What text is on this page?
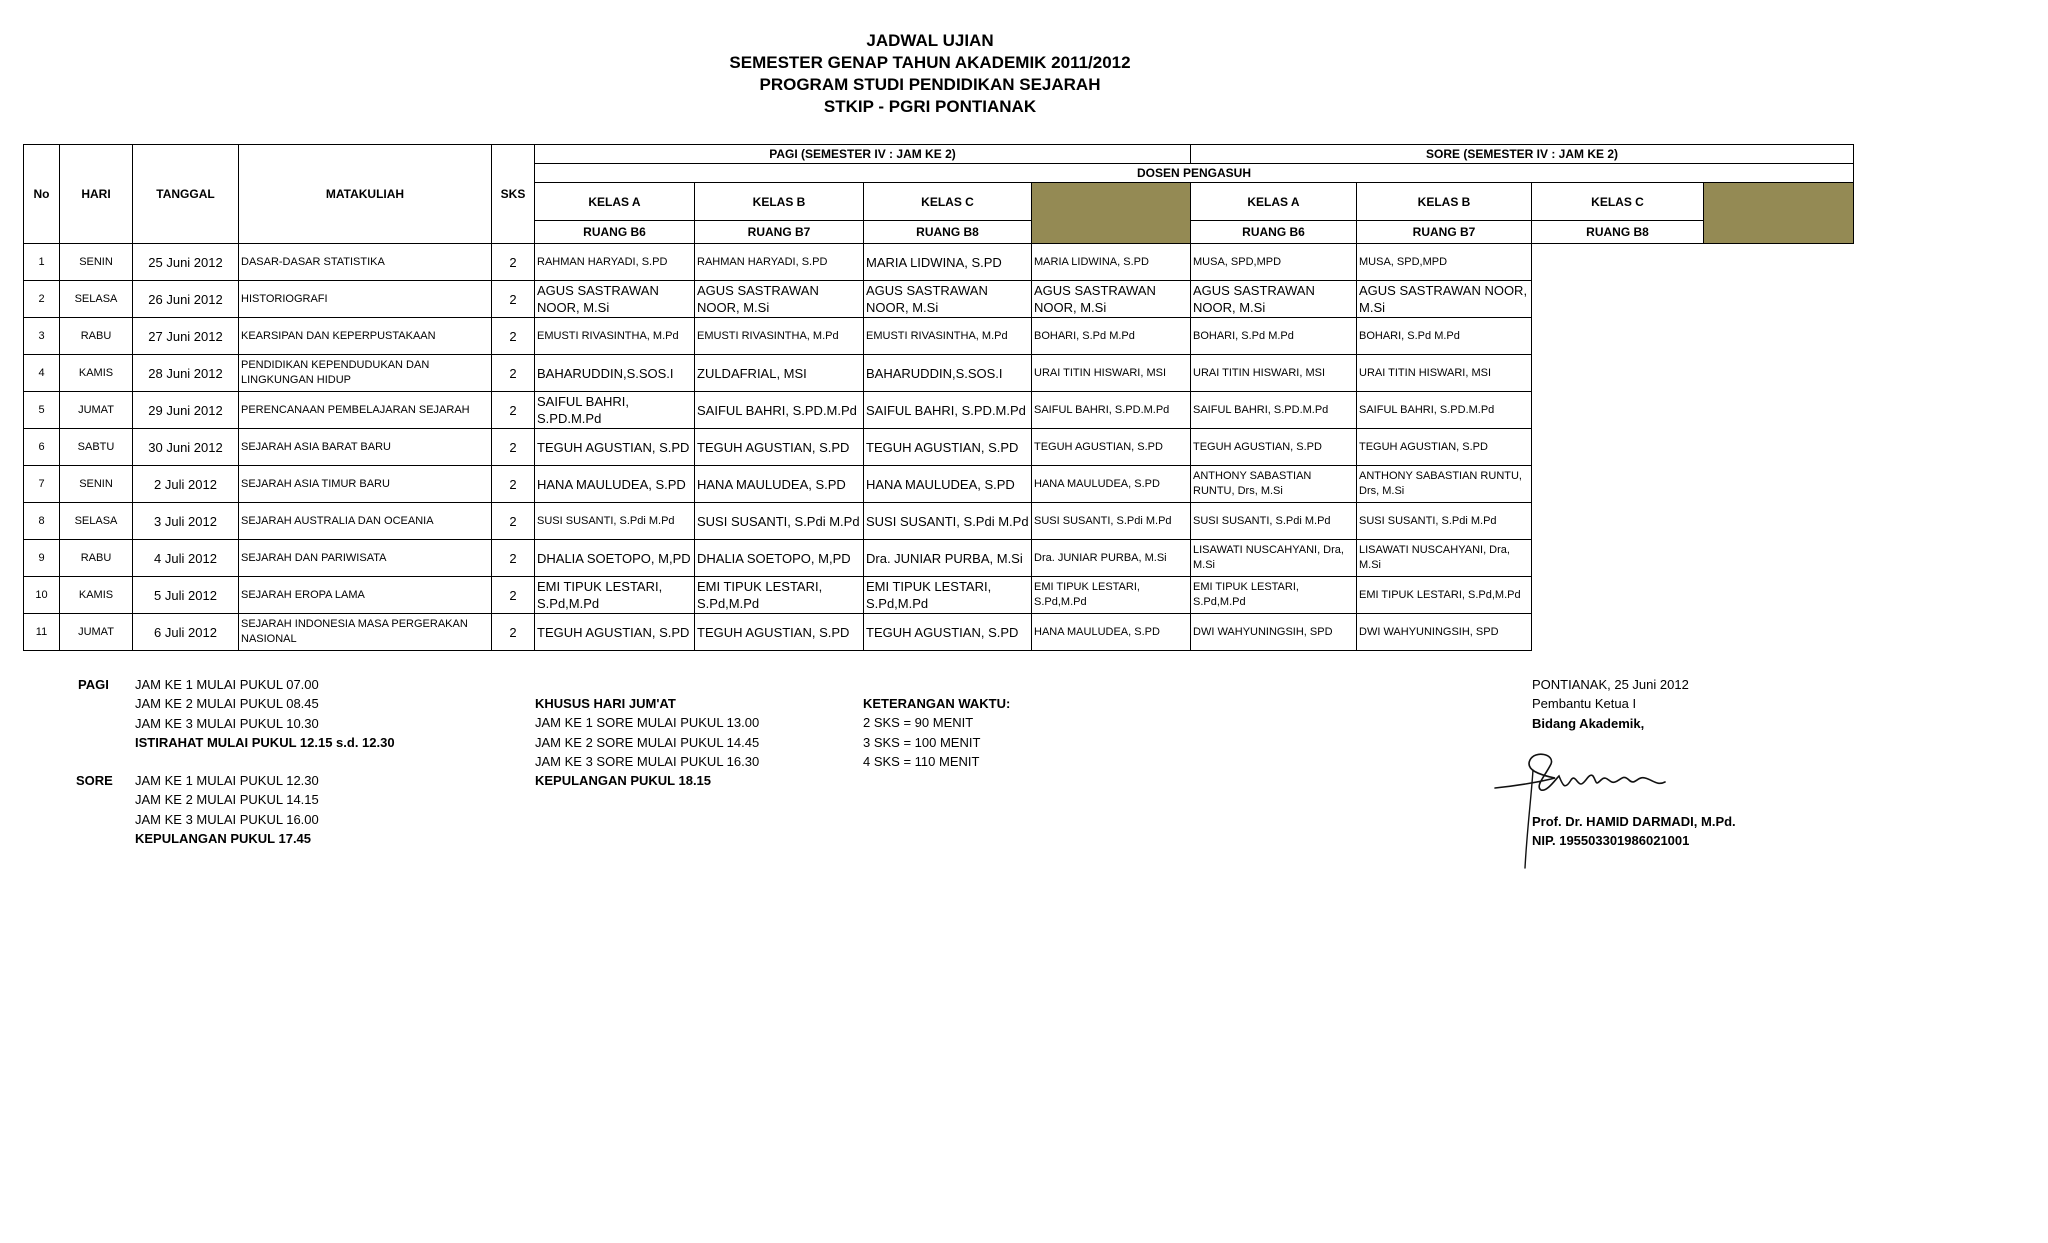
JADWAL UJIAN
SEMESTER GENAP TAHUN AKADEMIK 2011/2012
PROGRAM STUDI PENDIDIKAN SEJARAH
STKIP - PGRI PONTIANAK
No	HARI	TANGGAL	MATAKULIAH	SKS	PAGI (SEMESTER IV : JAM KE 2)				SORE (SEMESTER IV : JAM KE 2)			
					DOSEN PENGASUH							
					KELAS A	KELAS B	KELAS C		KELAS A	KELAS B	KELAS C	
					RUANG B6	RUANG B7	RUANG B8		RUANG B6	RUANG B7	RUANG B8	
1	SENIN	25 Juni 2012	DASAR-DASAR STATISTIKA	2	RAHMAN HARYADI, S.PD	RAHMAN HARYADI, S.PD	MARIA LIDWINA, S.PD	MARIA LIDWINA, S.PD	MUSA, SPD,MPD	MUSA, SPD,MPD		
2	SELASA	26 Juni 2012	HISTORIOGRAFI	2	AGUS SASTRAWAN NOOR, M.Si	AGUS SASTRAWAN NOOR, M.Si	AGUS SASTRAWAN NOOR, M.Si	AGUS SASTRAWAN NOOR, M.Si	AGUS SASTRAWAN NOOR, M.Si	AGUS SASTRAWAN NOOR, M.Si		
3	RABU	27 Juni 2012	KEARSIPAN DAN KEPERPUSTAKAAN	2	EMUSTI RIVASINTHA, M.Pd	EMUSTI RIVASINTHA, M.Pd	EMUSTI RIVASINTHA, M.Pd	BOHARI, S.Pd M.Pd	BOHARI, S.Pd M.Pd	BOHARI, S.Pd M.Pd		
4	KAMIS	28 Juni 2012	PENDIDIKAN KEPENDUDUKAN DAN LINGKUNGAN HIDUP	2	BAHARUDDIN,S.SOS.I	ZULDAFRIAL, MSI	BAHARUDDIN,S.SOS.I	URAI TITIN HISWARI, MSI	URAI TITIN HISWARI, MSI	URAI TITIN HISWARI, MSI		
5	JUMAT	29 Juni 2012	PERENCANAAN PEMBELAJARAN SEJARAH	2	SAIFUL BAHRI, S.PD.M.Pd	SAIFUL BAHRI, S.PD.M.Pd	SAIFUL BAHRI, S.PD.M.Pd	SAIFUL BAHRI, S.PD.M.Pd	SAIFUL BAHRI, S.PD.M.Pd	SAIFUL BAHRI, S.PD.M.Pd		
6	SABTU	30 Juni 2012	SEJARAH ASIA BARAT BARU	2	TEGUH AGUSTIAN, S.PD	TEGUH AGUSTIAN, S.PD	TEGUH AGUSTIAN, S.PD	TEGUH AGUSTIAN, S.PD	TEGUH AGUSTIAN, S.PD	TEGUH AGUSTIAN, S.PD		
7	SENIN	2 Juli 2012	SEJARAH ASIA TIMUR BARU	2	HANA MAULUDEA, S.PD	HANA MAULUDEA, S.PD	HANA MAULUDEA, S.PD	HANA MAULUDEA, S.PD	ANTHONY SABASTIAN RUNTU, Drs, M.Si	ANTHONY SABASTIAN RUNTU, Drs, M.Si		
8	SELASA	3 Juli 2012	SEJARAH AUSTRALIA DAN OCEANIA	2	SUSI SUSANTI, S.Pdi M.Pd	SUSI SUSANTI, S.Pdi M.Pd	SUSI SUSANTI, S.Pdi M.Pd	SUSI SUSANTI, S.Pdi M.Pd	SUSI SUSANTI, S.Pdi M.Pd	SUSI SUSANTI, S.Pdi M.Pd		
9	RABU	4 Juli 2012	SEJARAH DAN PARIWISATA	2	DHALIA SOETOPO, M,PD	DHALIA SOETOPO, M,PD	Dra. JUNIAR PURBA, M.Si	Dra. JUNIAR PURBA, M.Si	LISAWATI NUSCAHYANI, Dra, M.Si	LISAWATI NUSCAHYANI, Dra, M.Si		
10	KAMIS	5 Juli 2012	SEJARAH EROPA LAMA	2	EMI TIPUK LESTARI, S.Pd,M.Pd	EMI TIPUK LESTARI, S.Pd,M.Pd	EMI TIPUK LESTARI, S.Pd,M.Pd	EMI TIPUK LESTARI, S.Pd,M.Pd	EMI TIPUK LESTARI, S.Pd,M.Pd	EMI TIPUK LESTARI, S.Pd,M.Pd		
11	JUMAT	6 Juli 2012	SEJARAH INDONESIA MASA PERGERAKAN NASIONAL	2	TEGUH AGUSTIAN, S.PD	TEGUH AGUSTIAN, S.PD	TEGUH AGUSTIAN, S.PD	HANA MAULUDEA, S.PD	DWI WAHYUNINGSIH, SPD	DWI WAHYUNINGSIH, SPD		
PAGI JAM KE 1 MULAI PUKUL 07.00
JAM KE 2 MULAI PUKUL 08.45
JAM KE 3 MULAI PUKUL 10.30
ISTIRAHAT MULAI PUKUL 12.15 s.d. 12.30
SORE JAM KE 1 MULAI PUKUL 12.30
JAM KE 2 MULAI PUKUL 14.15
JAM KE 3 MULAI PUKUL 16.00
KEPULANGAN PUKUL 17.45
KHUSUS HARI JUM'AT
JAM KE 1 SORE MULAI PUKUL 13.00
JAM KE 2 SORE MULAI PUKUL 14.45
JAM KE 3 SORE MULAI PUKUL 16.30
KEPULANGAN PUKUL 18.15
KETERANGAN WAKTU:
2 SKS = 90 MENIT
3 SKS = 100 MENIT
4 SKS = 110 MENIT
PONTIANAK, 25 Juni 2012
Pembantu Ketua I
Bidang Akademik,
Prof. Dr. HAMID DARMADI, M.Pd.
NIP. 195503301986021001
